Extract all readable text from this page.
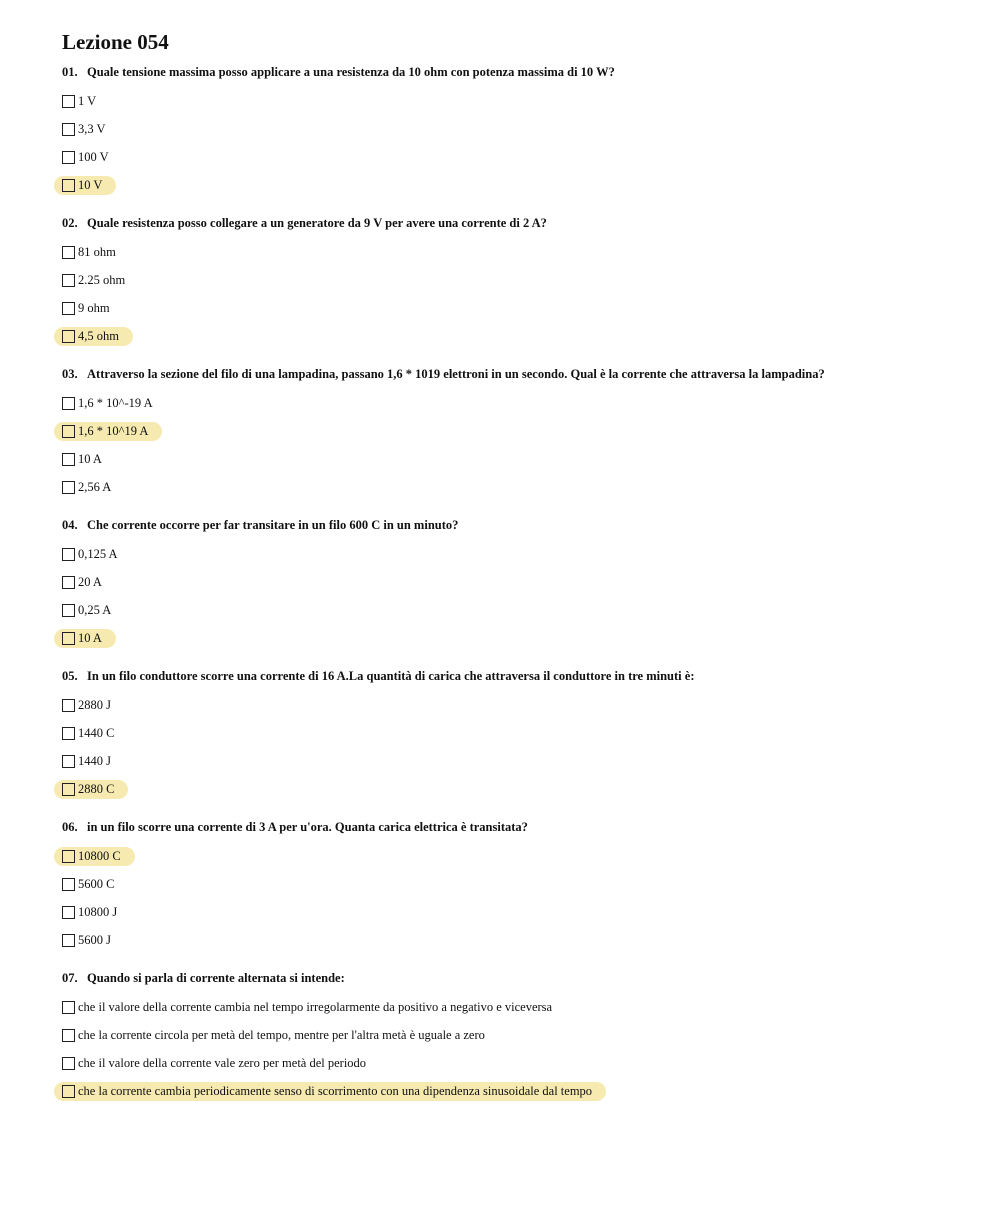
Lezione 054
01. Quale tensione massima posso applicare a una resistenza da 10 ohm con potenza massima di 10 W?
1 V
3,3 V
100 V
10 V
02. Quale resistenza posso collegare a un generatore da 9 V per avere una corrente di 2 A?
81 ohm
2.25 ohm
9 ohm
4,5 ohm
03. Attraverso la sezione del filo di una lampadina, passano 1,6 * 1019 elettroni in un secondo. Qual è la corrente che attraversa la lampadina?
1,6 * 10^-19 A
1,6 * 10^19 A
10 A
2,56 A
04. Che corrente occorre per far transitare in un filo 600 C in un minuto?
0,125 A
20 A
0,25 A
10 A
05. In un filo conduttore scorre una corrente di 16 A.La quantità di carica che attraversa il conduttore in tre minuti è:
2880 J
1440 C
1440 J
2880 C
06. in un filo scorre una corrente di 3 A per u'ora. Quanta carica elettrica è transitata?
10800 C
5600 C
10800 J
5600 J
07. Quando si parla di corrente alternata si intende:
che il valore della corrente cambia nel tempo irregolarmente da positivo a negativo e viceversa
che la corrente circola per metà del tempo, mentre per l'altra metà è uguale a zero
che il valore della corrente vale zero per metà del periodo
che la corrente cambia periodicamente senso di scorrimento con una dipendenza sinusoidale dal tempo
